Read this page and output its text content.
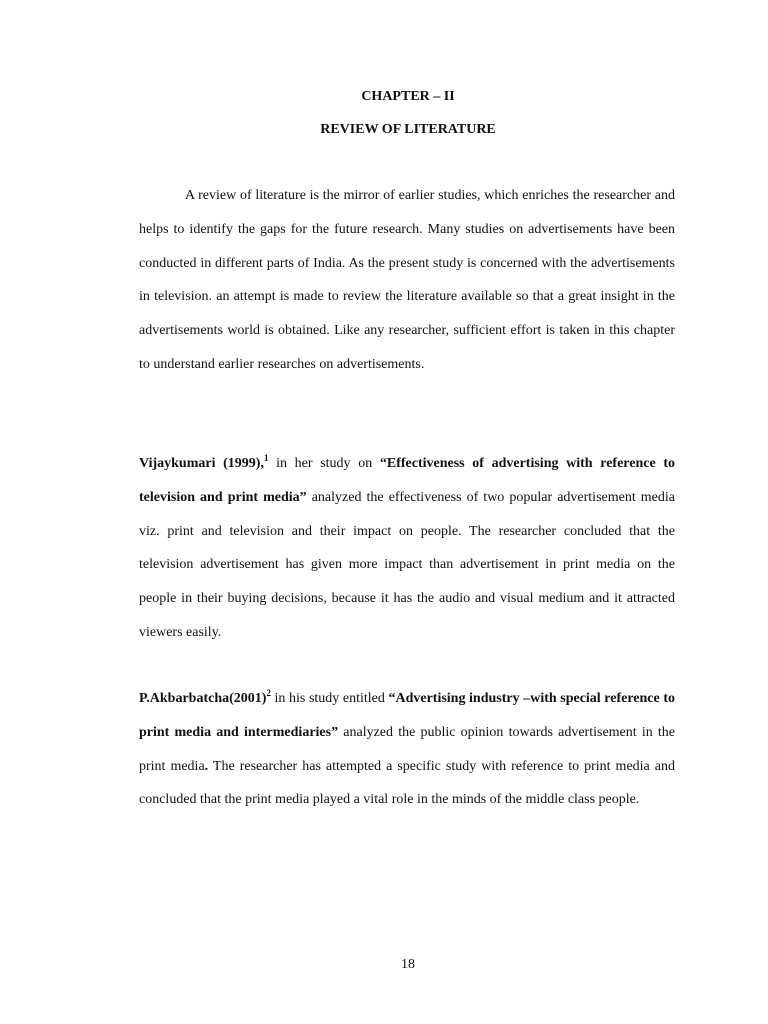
CHAPTER – II
REVIEW OF LITERATURE

A review of literature is the mirror of earlier studies, which enriches the researcher and helps to identify the gaps for the future research. Many studies on advertisements have been conducted in different parts of India. As the present study is concerned with the advertisements in television. an attempt is made to review the literature available so that a great insight in the advertisements world is obtained. Like any researcher, sufficient effort is taken in this chapter to understand earlier researches on advertisements.

Vijaykumari (1999),$^1$ in her study on “Effectiveness of advertising with reference to television and print media” analyzed the effectiveness of two popular advertisement media viz. print and television and their impact on people. The researcher concluded that the television advertisement has given more impact than advertisement in print media on the people in their buying decisions, because it has the audio and visual medium and it attracted viewers easily.

$P.Akbarbatcha(2001)^2$ in his study entitled “Advertising industry –with special reference to print media and intermediaries” analyzed the public opinion towards advertisement in the print media. The researcher has attempted a specific study with reference to print media and concluded that the print media played a vital role in the minds of the middle class people.

18
